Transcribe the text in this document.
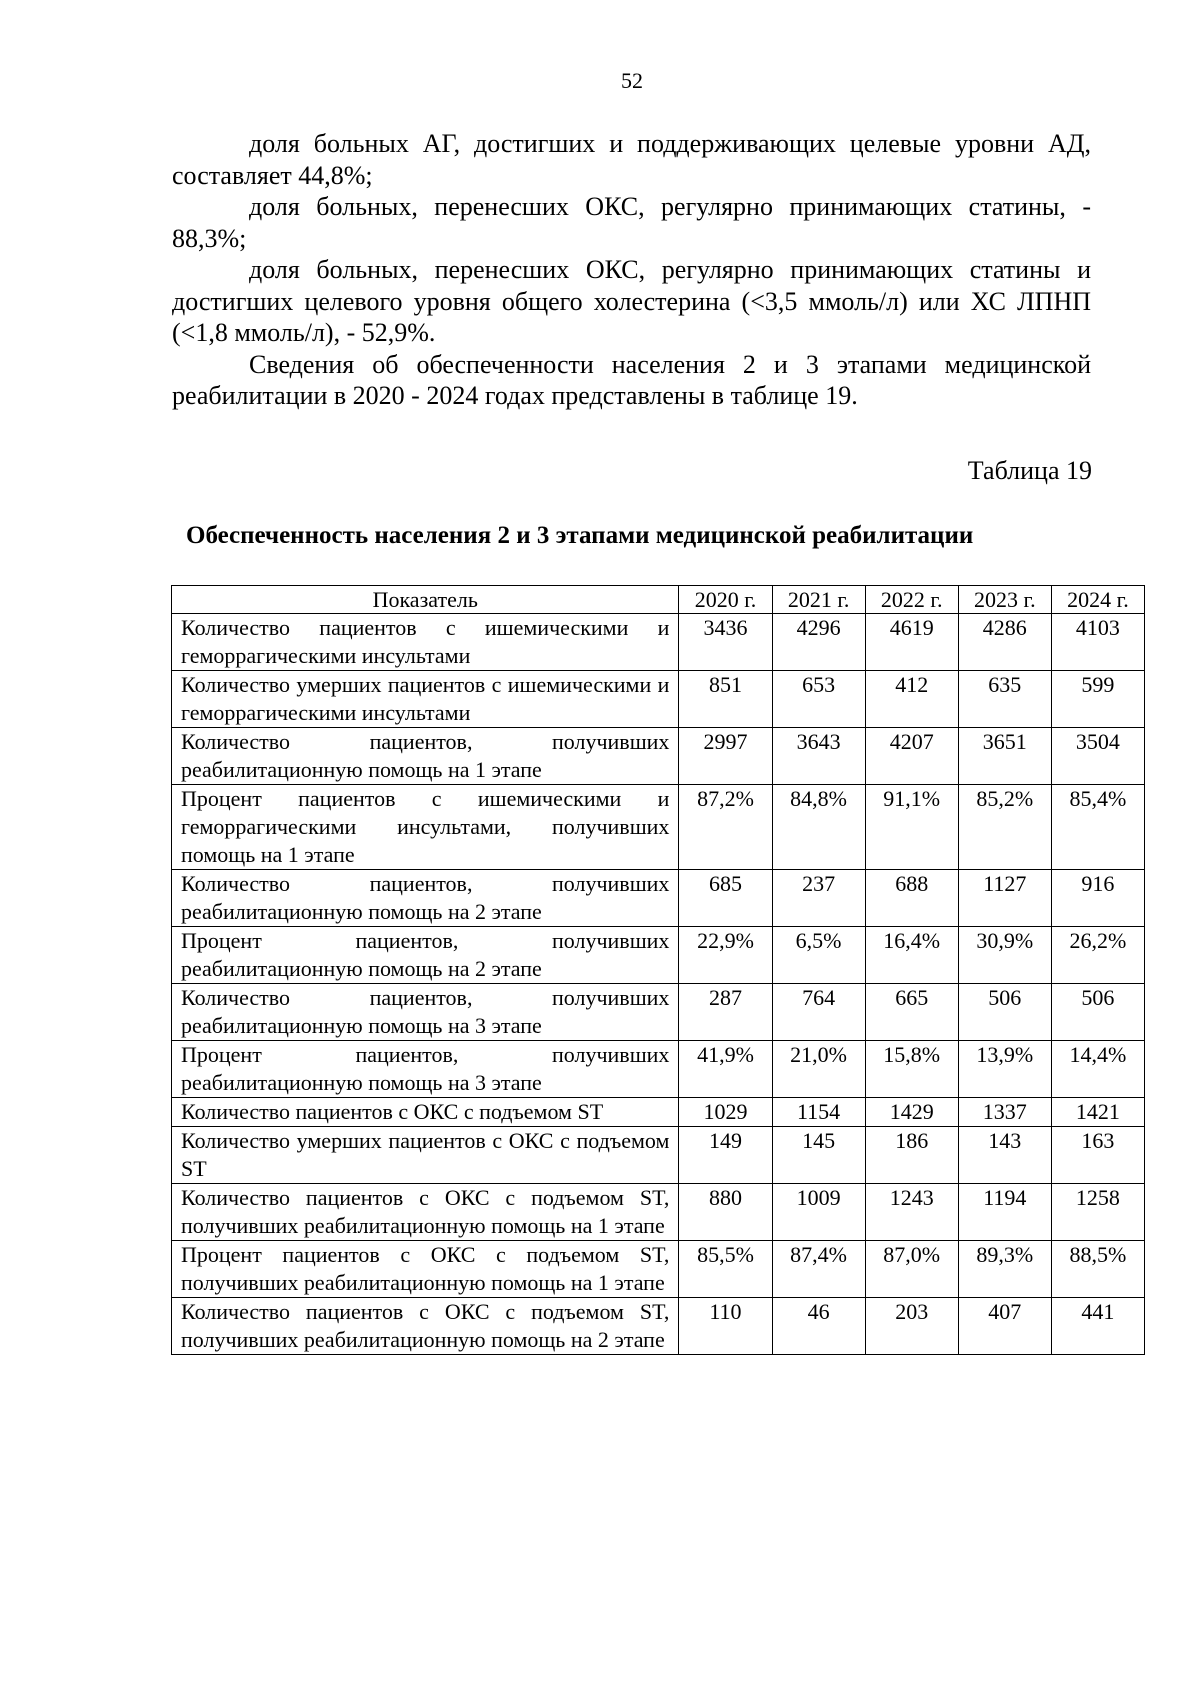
52

доля больных АГ, достигших и поддерживающих целевые уровни АД, составляет 44,8%;

доля больных, перенесших ОКС, регулярно принимающих статины, - 88,3%;

доля больных, перенесших ОКС, регулярно принимающих статины и достигших целевого уровня общего холестерина (<3,5 ммоль/л) или ХС ЛПНП (<1,8 ммоль/л), - 52,9%.

Сведения об обеспеченности населения 2 и 3 этапами медицинской реабилитации в 2020 - 2024 годах представлены в таблице 19.

Таблица 19
Обеспеченность населения 2 и 3 этапами медицинской реабилитации
Показатель	2020 г.	2021 г.	2022 г.	2023 г.	2024 г.
Количество пациентов с ишемическими и геморрагическими инсультами	3436	4296	4619	4286	4103
Количество умерших пациентов с ишемическими и геморрагическими инсультами	851	653	412	635	599
Количество пациентов, получивших реабилитационную помощь на 1 этапе	2997	3643	4207	3651	3504
Процент пациентов с ишемическими и геморрагическими инсультами, получивших помощь на 1 этапе	87,2%	84,8%	91,1%	85,2%	85,4%
Количество пациентов, получивших реабилитационную помощь на 2 этапе	685	237	688	1127	916
Процент пациентов, получивших реабилитационную помощь на 2 этапе	22,9%	6,5%	16,4%	30,9%	26,2%
Количество пациентов, получивших реабилитационную помощь на 3 этапе	287	764	665	506	506
Процент пациентов, получивших реабилитационную помощь на 3 этапе	41,9%	21,0%	15,8%	13,9%	14,4%
Количество пациентов с ОКС с подъемом ST	1029	1154	1429	1337	1421
Количество умерших пациентов с ОКС с подъемом ST	149	145	186	143	163
Количество пациентов с ОКС с подъемом ST, получивших реабилитационную помощь на 1 этапе	880	1009	1243	1194	1258
Процент пациентов с ОКС с подъемом ST, получивших реабилитационную помощь на 1 этапе	85,5%	87,4%	87,0%	89,3%	88,5%
Количество пациентов с ОКС с подъемом ST, получивших реабилитационную помощь на 2 этапе	110	46	203	407	441
